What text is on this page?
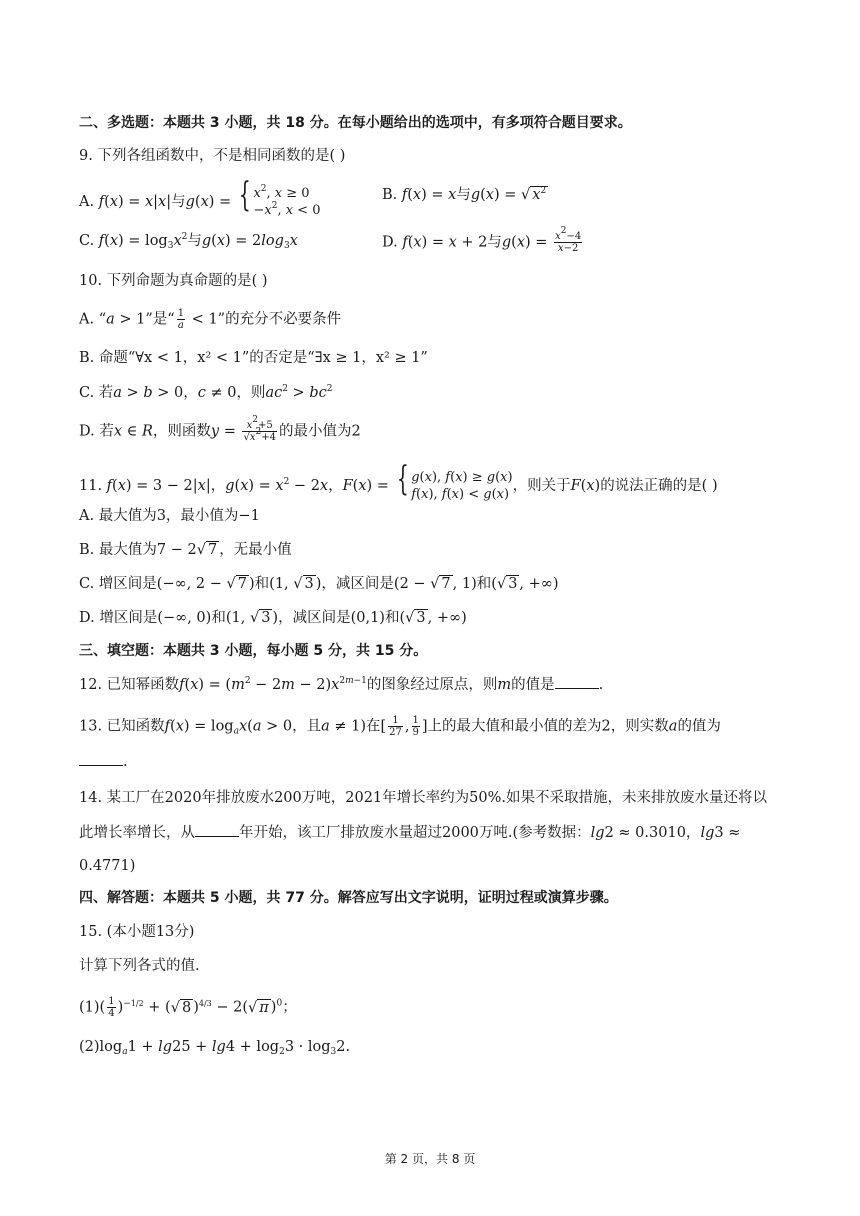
二、多选题：本题共 3 小题，共 18 分。在每小题给出的选项中，有多项符合题目要求。
9. 下列各组函数中，不是相同函数的是( )
A. f(x) = x|x|与g(x) = { $x^2$, x ≥ 0
$-x^2$, x < 0
B. f(x) = x与g(x) = √ $x^2$
C. $f(x) = \log_3x^2$与$g(x) = 2\log_3x$	D. f(x) = x + 2与$g(x) = \frac{x^2-4}{x-2}$
10. 下列命题为真命题的是( )
A. “a > 1”是“ $\frac{1}{a} < 1$”的充分不必要条件
B. 命题“∀x < 1，x² < 1”的否定是“∃x ≥ 1，x² ≥ 1”
C. 若a > b > 0，c ≠ 0，则$ac^2 > bc^2$
D. 若x ∈ R，则函数$y = \frac{x^2+5}{√x^2+4}$ 的最小值为2
11. f(x) = 3 − 2|x|，$g(x) = x^2 - 2x$，F(x) = { g(x), f(x) ≥ g(x)
f(x), f(x) < g(x)
，则关于F(x)的说法正确的是( )
A. 最大值为3，最小值为−1
B. 最大值为7 − 2√ 7 ，无最小值
C. 增区间是(−∞, 2 − √ 7 )和(1, √ 3 )，减区间是(2 − √ 7 , 1)和(√ 3 , +∞)
D. 增区间是(−∞, 0)和(1, √ 3 )，减区间是(0,1)和(√ 3 , +∞)
三、填空题：本题共 3 小题，每小题 5 分，共 15 分。
12. 已知幂函数$f(x) = (m^2 - 2m - 2)x^{2m-1}$的图象经过原点，则m的值是	.
13. 已知函数$f(x) = \log_ax(a > 0$，且a ≠ 1)在[ $\frac{1}{27}$ , $\frac{1}{9}$ ]上的最大值和最小值的差为2，则实数a的值为
.
14. 某工厂在2020年排放废水200万吨，2021年增长率约为50%.如果不采取措施，未来排放废水量还将以
此增长率增长，从	年开始，该工厂排放废水量超过2000万吨.(参考数据：lg2 ≈ 0.3010，lg3 ≈
0.4771)
四、解答题：本题共 5 小题，共 77 分。解答应写出文字说明，证明过程或演算步骤。
15. (本小题13分)
计算下列各式的值.
$(1)( \frac{1}{4} )^{-1/2}$ + (√ 8 )$^{4/3}$ − 2(√ π )$^0$；
$(2)\log_a1 + \lg 25 + \lg 4 + \log_23 \cdot \log_32$.
第 2 页，共 8 页
